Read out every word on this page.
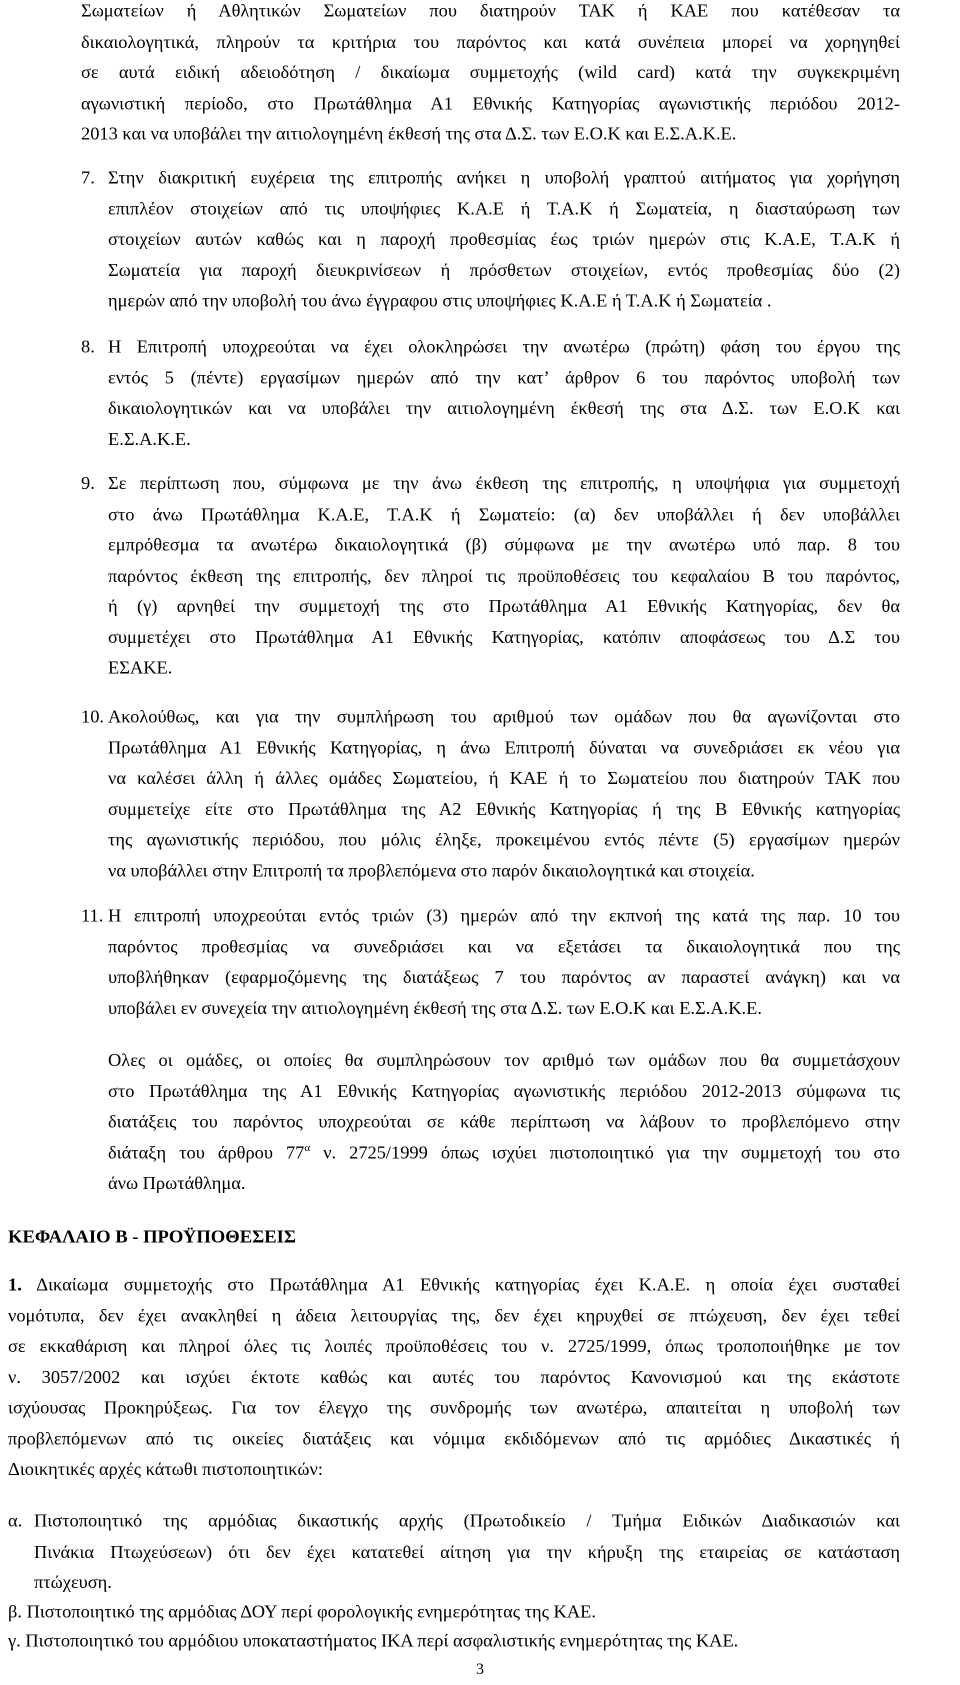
Σωματείων ή Αθλητικών Σωματείων που διατηρούν ΤΑΚ ή ΚΑΕ που κατέθεσαν τα
δικαιολογητικά, πληρούν τα κριτήρια του παρόντος και κατά συνέπεια μπορεί να χορηγηθεί
σε αυτά ειδική αδειοδότηση / δικαίωμα συμμετοχής (wild card) κατά την συγκεκριμένη
αγωνιστική περίοδο, στο Πρωτάθλημα Α1 Εθνικής Κατηγορίας αγωνιστικής περιόδου 2012-
2013 και να υποβάλει την αιτιολογημένη έκθεσή της στα Δ.Σ. των Ε.Ο.Κ και Ε.Σ.Α.Κ.Ε.
7. Στην διακριτική ευχέρεια της επιτροπής ανήκει η υποβολή γραπτού αιτήματος για χορήγηση
επιπλέον στοιχείων από τις υποψήφιες Κ.Α.Ε ή Τ.Α.Κ ή Σωματεία, η διασταύρωση των
στοιχείων αυτών καθώς και η παροχή προθεσμίας έως τριών ημερών στις Κ.Α.Ε, Τ.Α.Κ ή
Σωματεία για παροχή διευκρινίσεων ή πρόσθετων στοιχείων, εντός προθεσμίας δύο (2)
ημερών από την υποβολή του άνω έγγραφου στις υποψήφιες Κ.Α.Ε ή Τ.Α.Κ ή Σωματεία .
8. Η Επιτροπή υποχρεούται να έχει ολοκληρώσει την ανωτέρω (πρώτη) φάση του έργου της
εντός 5 (πέντε) εργασίμων ημερών από την κατ’ άρθρον 6 του παρόντος υποβολή των
δικαιολογητικών και να υποβάλει την αιτιολογημένη έκθεσή της στα Δ.Σ. των Ε.Ο.Κ και
Ε.Σ.Α.Κ.Ε.
9. Σε περίπτωση που, σύμφωνα με την άνω έκθεση της επιτροπής, η υποψήφια για συμμετοχή
στο άνω Πρωτάθλημα Κ.Α.Ε, Τ.Α.Κ ή Σωματείο: (α) δεν υποβάλλει ή δεν υποβάλλει
εμπρόθεσμα τα ανωτέρω δικαιολογητικά (β) σύμφωνα με την ανωτέρω υπό παρ. 8 του
παρόντος έκθεση της επιτροπής, δεν πληροί τις προϋποθέσεις του κεφαλαίου Β του παρόντος,
ή (γ) αρνηθεί την συμμετοχή της στο Πρωτάθλημα Α1 Εθνικής Κατηγορίας, δεν θα
συμμετέχει στο Πρωτάθλημα Α1 Εθνικής Κατηγορίας, κατόπιν αποφάσεως του Δ.Σ του
ΕΣΑΚΕ.
10. Ακολούθως, και για την συμπλήρωση του αριθμού των ομάδων που θα αγωνίζονται στο
Πρωτάθλημα Α1 Εθνικής Κατηγορίας, η άνω Επιτροπή δύναται να συνεδριάσει εκ νέου για
να καλέσει άλλη ή άλλες ομάδες Σωματείου, ή ΚΑΕ ή το Σωματείου που διατηρούν ΤΑΚ που
συμμετείχε είτε στο Πρωτάθλημα της Α2 Εθνικής Κατηγορίας ή της Β Εθνικής κατηγορίας
της αγωνιστικής περιόδου, που μόλις έληξε, προκειμένου εντός πέντε (5) εργασίμων ημερών
να υποβάλλει στην Επιτροπή τα προβλεπόμενα στο παρόν δικαιολογητικά και στοιχεία.
11. Η επιτροπή υποχρεούται εντός τριών (3) ημερών από την εκπνοή της κατά της παρ. 10 του
παρόντος προθεσμίας να συνεδριάσει και να εξετάσει τα δικαιολογητικά που της
υποβλήθηκαν (εφαρμοζόμενης της διατάξεως 7 του παρόντος αν παραστεί ανάγκη) και να
υποβάλει εν συνεχεία την αιτιολογημένη έκθεσή της στα Δ.Σ. των Ε.Ο.Κ και Ε.Σ.Α.Κ.Ε.
Ολες οι ομάδες, οι οποίες θα συμπληρώσουν τον αριθμό των ομάδων που θα συμμετάσχουν
στο Πρωτάθλημα της Α1 Εθνικής Κατηγορίας αγωνιστικής περιόδου 2012-2013 σύμφωνα τις
διατάξεις του παρόντος υποχρεούται σε κάθε περίπτωση να λάβουν το προβλεπόμενο στην
διάταξη του άρθρου $77^\alpha$ ν. 2725/1999 όπως ισχύει πιστοποιητικό για την συμμετοχή του στο
άνω Πρωτάθλημα.
ΚΕΦΑΛΑΙΟ Β - ΠΡΟΫΠΟΘΕΣΕΙΣ
1. Δικαίωμα συμμετοχής στο Πρωτάθλημα Α1 Εθνικής κατηγορίας έχει Κ.Α.Ε. η οποία έχει συσταθεί
νομότυπα, δεν έχει ανακληθεί η άδεια λειτουργίας της, δεν έχει κηρυχθεί σε πτώχευση, δεν έχει τεθεί
σε εκκαθάριση και πληροί όλες τις λοιπές προϋποθέσεις του ν. 2725/1999, όπως τροποποιήθηκε με τον
ν. 3057/2002 και ισχύει έκτοτε καθώς και αυτές του παρόντος Κανονισμού και της εκάστοτε
ισχύουσας Προκηρύξεως. Για τον έλεγχο της συνδρομής των ανωτέρω, απαιτείται η υποβολή των
προβλεπόμενων από τις οικείες διατάξεις και νόμιμα εκδιδόμενων από τις αρμόδιες Δικαστικές ή
Διοικητικές αρχές κάτωθι πιστοποιητικών:
α. Πιστοποιητικό της αρμόδιας δικαστικής αρχής (Πρωτοδικείο / Τμήμα Ειδικών Διαδικασιών και
Πινάκια Πτωχεύσεων) ότι δεν έχει κατατεθεί αίτηση για την κήρυξη της εταιρείας σε κατάσταση
πτώχευση.
β. Πιστοποιητικό της αρμόδιας ΔΟΥ περί φορολογικής ενημερότητας της ΚΑΕ.
γ. Πιστοποιητικό του αρμόδιου υποκαταστήματος ΙΚΑ περί ασφαλιστικής ενημερότητας της ΚΑΕ.
3
